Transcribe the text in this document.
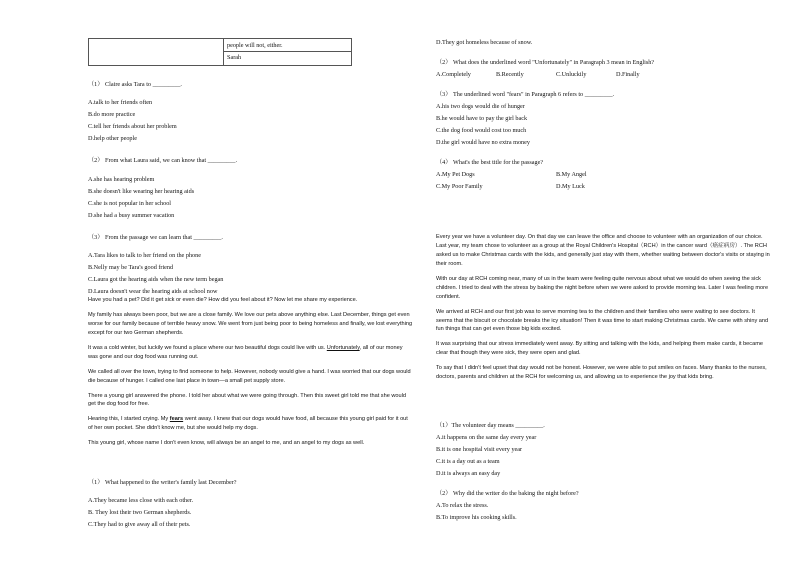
people will not, either.
Sarah

（1） Claire asks Tara to _________.

A.talk to her friends often

B.do more practice

C.tell her friends about her problem

D.help other people

（2） From what Laura said, we can know that _________.

A.she has hearing problem

B.she doesn't like wearing her hearing aids

C.she is not popular in her school

D.she had a busy summer vacation

（3） From the passage we can learn that _________.

A.Tara likes to talk to her friend on the phone

B.Nelly may be Tara's good friend

C.Laura got the hearing aids when the new term began

D.Laura doesn't wear the hearing aids at school now

Have you had a pet? Did it get sick or even die? How did you feel about it? Now let me share my experience.

My family has always been poor, but we are a close family. We love our pets above anything else. Last December, things get even worse for our family because of terrible heavy snow. We went from just being poor to being homeless and finally, we lost everything except for our two German shepherds.

It was a cold winter, but luckily we found a place where our two beautiful dogs could live with us. Unfortunately, all of our money was gone and our dog food was running out.

We called all over the town, trying to find someone to help. However, nobody would give a hand. I was worried that our dogs would die because of hunger. I called one last place in town—a small pet supply store.

There a young girl answered the phone. I told her about what we were going through. Then this sweet girl told me that she would get the dog food for free.

Hearing this, I started crying. My fears went away. I knew that our dogs would have food, all because this young girl paid for it out of her own pocket. She didn't know me, but she would help my dogs.

This young girl, whose name I don't even know, will always be an angel to me, and an angel to my dogs as well.

（1） What happened to the writer's family last December?

A.They became less close with each other.

B. They lost their two German shepherds.

C.They had to give away all of their pets.

D.They got homeless because of snow.

（2） What does the underlined word "Unfortunately" in Paragraph 3 mean in English?

A.Completely	B.Recently	C.Unluckily	D.Finally

（3） The underlined word "fears" in Paragraph 6 refers to _________.

A.his two dogs would die of hunger

B.he would have to pay the girl back

C.the dog food would cost too much

D.the girl would have no extra money

（4） What's the best title for the passage?

A.My Pet Dogs	B.My Angel
C.My Poor Family	D.My Luck

Every year we have a volunteer day. On that day we can leave the office and choose to volunteer with an organization of our choice. Last year, my team chose to volunteer as a group at the Royal Children's Hospital（RCH）in the cancer ward（癌症病房）. The RCH asked us to make Christmas cards with the kids, and generally just stay with them, whether waiting between doctor's visits or staying in their room.

With our day at RCH coming near, many of us in the team were feeling quite nervous about what we would do when seeing the sick children. I tried to deal with the stress by baking the night before when we were asked to provide morning tea. Later I was feeling more confident.

We arrived at RCH and our first job was to serve morning tea to the children and their families who were waiting to see doctors. It seems that the biscuit or chocolate breaks the icy situation! Then it was time to start making Christmas cards. We came with shiny and fun things that can get even those big kids excited.

It was surprising that our stress immediately went away. By sitting and talking with the kids, and helping them make cards, it became clear that though they were sick, they were open and glad.

To say that I didn't feel upset that day would not be honest. However, we were able to put smiles on faces. Many thanks to the nurses, doctors, parents and children at the RCH for welcoming us, and allowing us to experience the joy that kids bring.

（1）The volunteer day means _________.

A.it happens on the same day every year

B.it is one hospital visit every year

C.it is a day out as a team

D.it is always an easy day

（2） Why did the writer do the baking the night before?

A.To relax the stress.

B.To improve his cooking skills.
